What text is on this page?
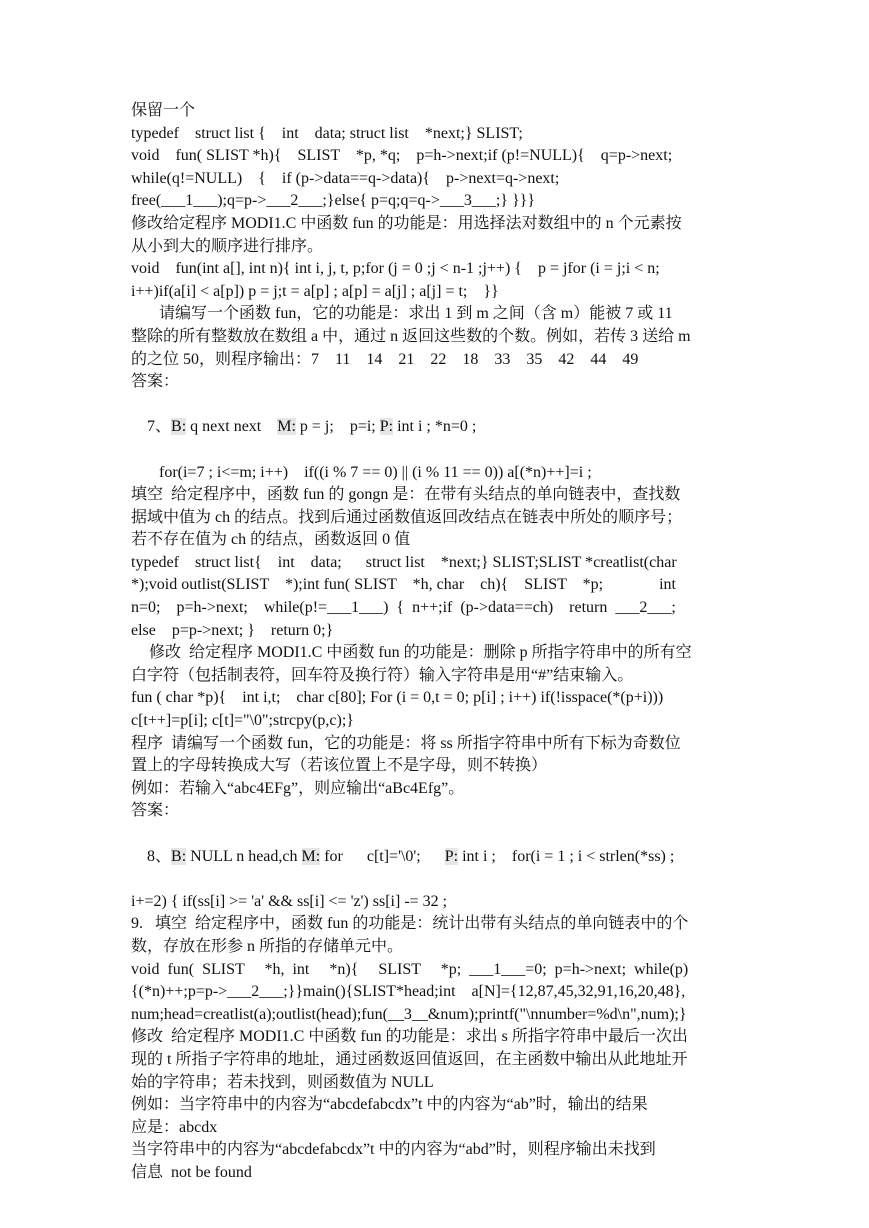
保留一个
typedef    struct list {    int    data; struct list    *next;} SLIST;
void    fun( SLIST *h){    SLIST    *p, *q;    p=h->next;if (p!=NULL){    q=p->next;
while(q!=NULL)    {    if (p->data==q->data){    p->next=q->next;
free(___1___);q=p->___2___;}else{ p=q;q=q->___3___;} }}}
修改给定程序 MODI1.C 中函数 fun 的功能是：用选择法对数组中的 n 个元素按
从小到大的顺序进行排序。
void    fun(int a[], int n){ int i, j, t, p;for (j = 0 ;j < n-1 ;j++) {    p = jfor (i = j;i < n;
i++)if(a[i] < a[p]) p = j;t = a[p] ; a[p] = a[j] ; a[j] = t;    }}
请编写一个函数 fun，它的功能是：求出 1 到 m 之间（含 m）能被 7 或 11
整除的所有整数放在数组 a 中，通过 n 返回这些数的个数。例如，若传 3 送给 m
的之位 50，则程序输出：7    11    14    21    22    18    33    35    42    44    49
答案：

7、B: q next next    M: p = j;    p=i; P: int i ; *n=0 ;

for(i=7 ; i<=m; i++)    if((i % 7 == 0) || (i % 11 == 0)) a[(*n)++]=i ;
填空  给定程序中，函数 fun 的 gongn 是：在带有头结点的单向链表中，查找数
据域中值为 ch 的结点。找到后通过函数值返回改结点在链表中所处的顺序号；
若不存在值为 ch 的结点，函数返回 0 值
typedef    struct list{    int    data;      struct list    *next;} SLIST;SLIST *creatlist(char
*);void outlist(SLIST    *);int fun( SLIST    *h, char    ch){    SLIST    *p;              int
n=0;    p=h->next;    while(p!=___1___)  {  n++;if  (p->data==ch)    return  ___2___;
else    p=p->next; }    return 0;}
修改  给定程序 MODI1.C 中函数 fun 的功能是：删除 p 所指字符串中的所有空
白字符（包括制表符，回车符及换行符）输入字符串是用“#”结束输入。
fun ( char *p){    int i,t;    char c[80]; For (i = 0,t = 0; p[i] ; i++) if(!isspace(*(p+i)))
c[t++]=p[i]; c[t]="\0";strcpy(p,c);}
程序  请编写一个函数 fun，它的功能是：将 ss 所指字符串中所有下标为奇数位
置上的字母转换成大写（若该位置上不是字母，则不转换）
例如：若输入“abc4EFg”，则应输出“aBc4Efg”。
答案：

8、B: NULL n head,ch M: for      c[t]='\0';      P: int i ;    for(i = 1 ; i < strlen(*ss) ;

i+=2) { if(ss[i] >= 'a' && ss[i] <= 'z') ss[i] -= 32 ;
9.   填空  给定程序中，函数 fun 的功能是：统计出带有头结点的单向链表中的个
数，存放在形参 n 所指的存储单元中。
void  fun(  SLIST     *h,  int     *n){     SLIST     *p;  ___1___=0;  p=h->next;  while(p)
{(*n)++;p=p->___2___;}}main(){SLIST*head;int    a[N]={12,87,45,32,91,16,20,48},
num;head=creatlist(a);outlist(head);fun(__3__&num);printf("\nnumber=%d\n",num);}
修改  给定程序 MODI1.C 中函数 fun 的功能是：求出 s 所指字符串中最后一次出
现的 t 所指子字符串的地址，通过函数返回值返回，在主函数中输出从此地址开
始的字符串；若未找到，则函数值为 NULL
例如：当字符串中的内容为“abcdefabcdx”t 中的内容为“ab”时，输出的结果
应是：abcdx
当字符串中的内容为“abcdefabcdx”t 中的内容为“abd”时，则程序输出未找到
信息  not be found
